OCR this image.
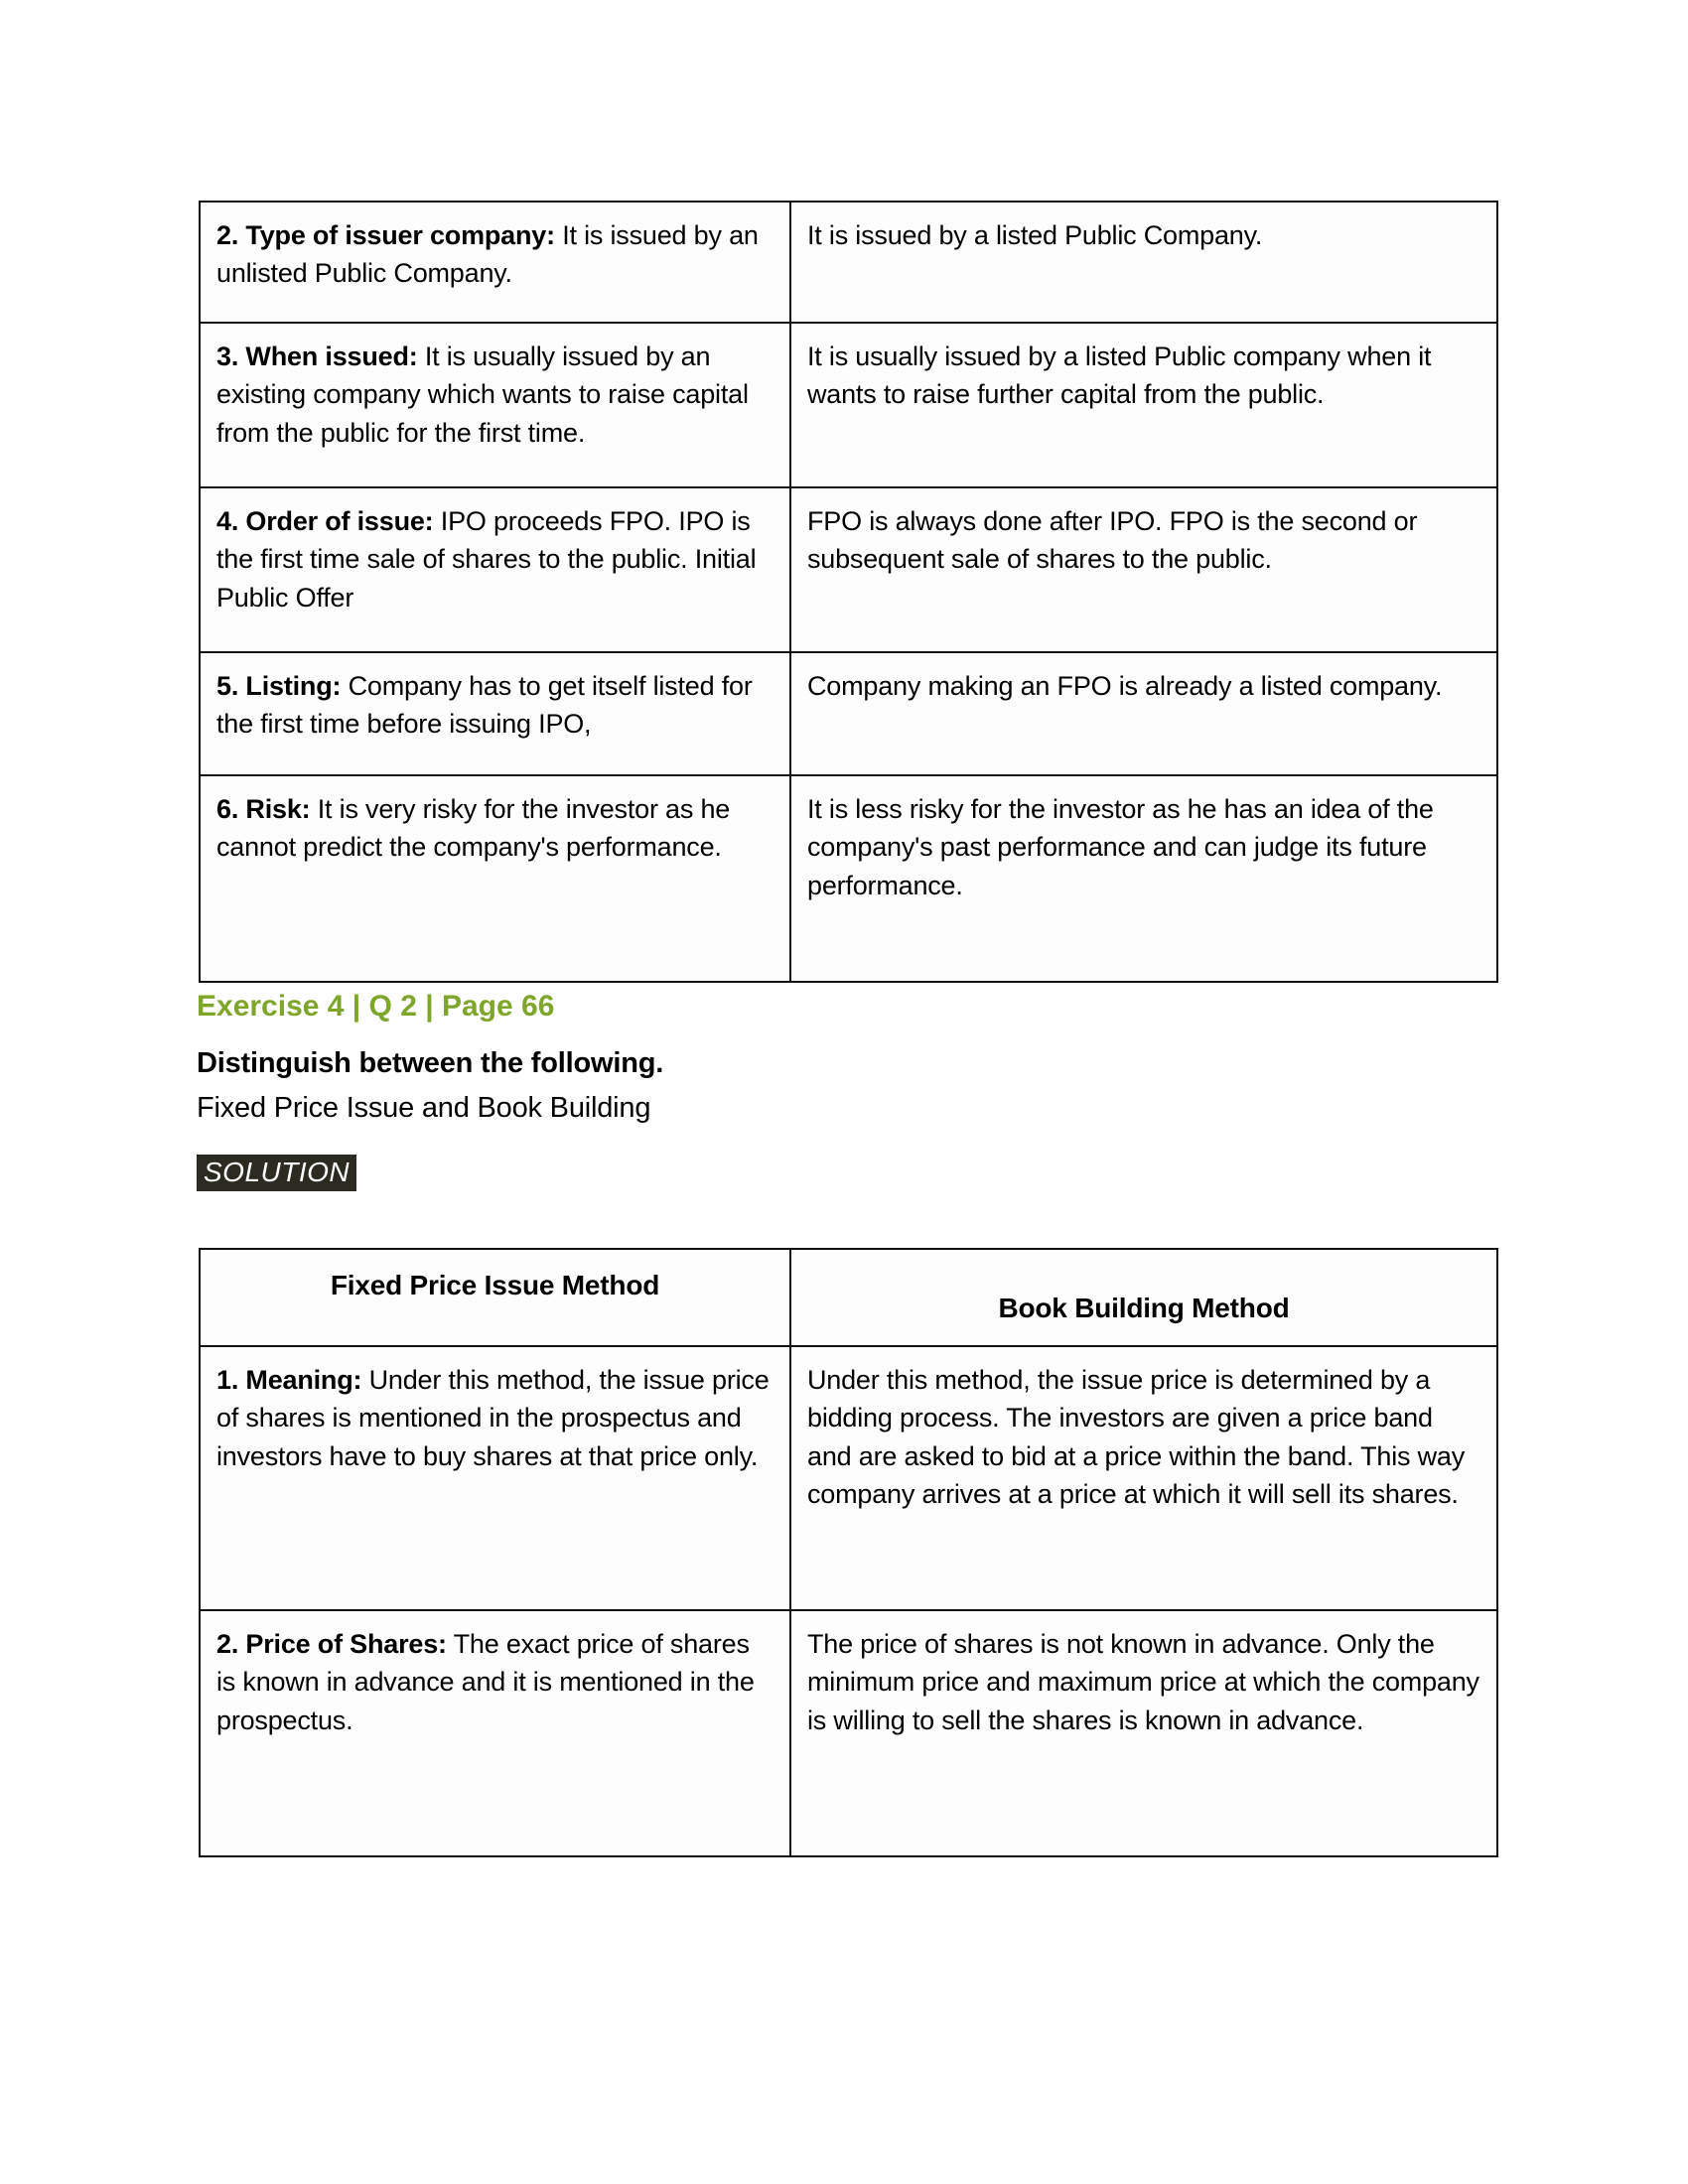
2. Type of issuer company: It is issued by an unlisted Public Company.	It is issued by a listed Public Company.
3. When issued: It is usually issued by an existing company which wants to raise capital from the public for the first time.	It is usually issued by a listed Public company when it wants to raise further capital from the public.
4. Order of issue: IPO proceeds FPO. IPO is the first time sale of shares to the public. Initial Public Offer	FPO is always done after IPO. FPO is the second or subsequent sale of shares to the public.
5. Listing: Company has to get itself listed for the first time before issuing IPO,	Company making an FPO is already a listed company.
6. Risk: It is very risky for the investor as he cannot predict the company's performance.	It is less risky for the investor as he has an idea of the company's past performance and can judge its future performance.
Exercise 4 | Q 2 | Page 66
Distinguish between the following.
Fixed Price Issue and Book Building
SOLUTION
Fixed Price Issue Method	Book Building Method

1. Meaning: Under this method, the issue price of shares is mentioned in the prospectus and investors have to buy shares at that price only.	Under this method, the issue price is determined by a bidding process. The investors are given a price band and are asked to bid at a price within the band. This way company arrives at a price at which it will sell its shares.
2. Price of Shares: The exact price of shares is known in advance and it is mentioned in the prospectus.	The price of shares is not known in advance. Only the minimum price and maximum price at which the company is willing to sell the shares is known in advance.
